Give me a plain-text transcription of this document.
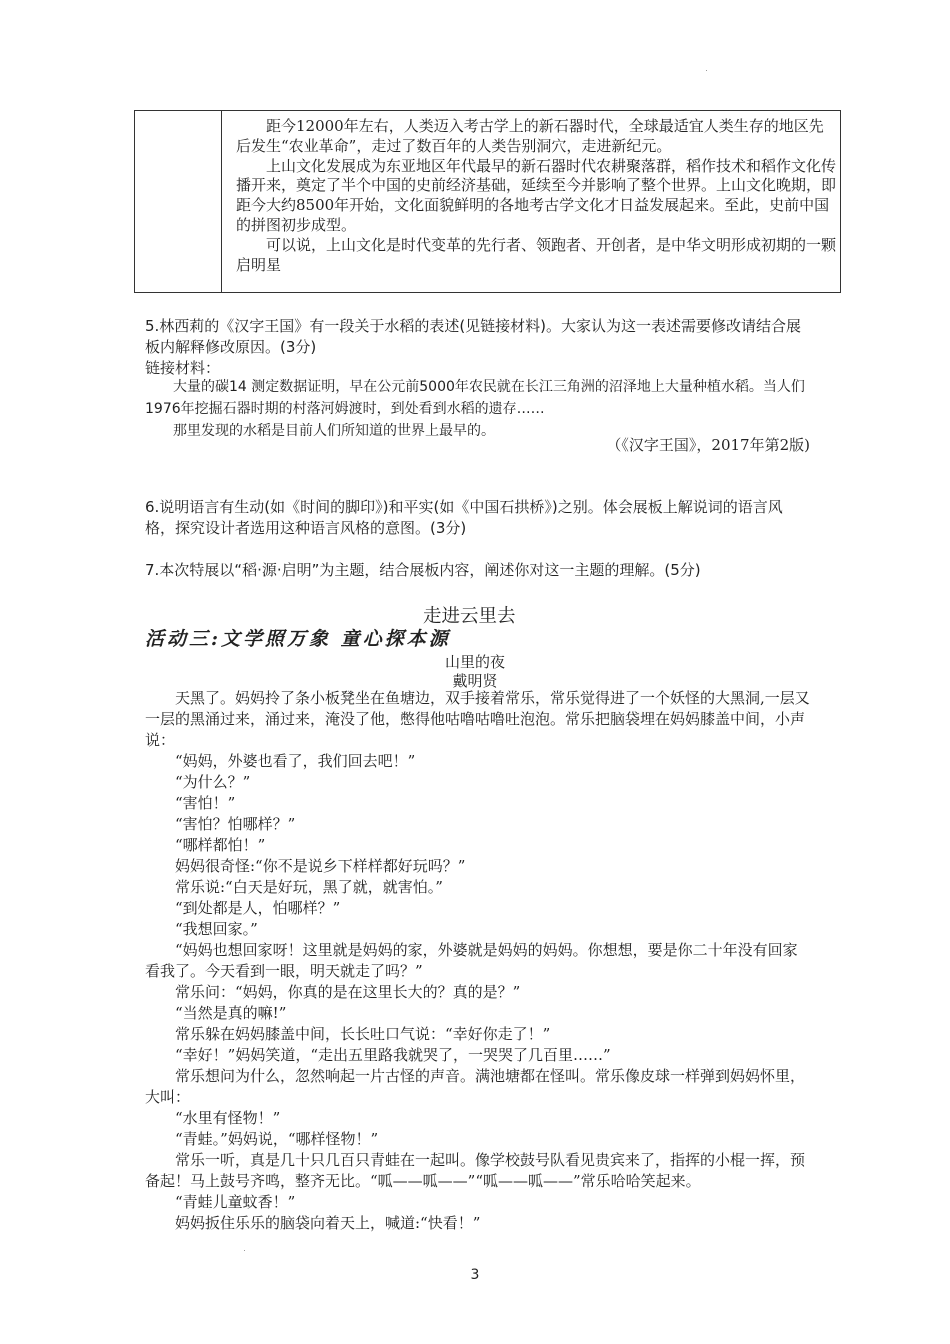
距今12000年左右，人类迈入考古学上的新石器时代，全球最适宜人类生存的地区先后发生“农业革命”，走过了数百年的人类告别洞穴，走进新纪元。

上山文化发展成为东亚地区年代最早的新石器时代农耕聚落群，稻作技术和稻作文化传播开来，奠定了半个中国的史前经济基础，延续至今并影响了整个世界。上山文化晚期，即距今大约8500年开始，文化面貌鲜明的各地考古学文化才日益发展起来。至此，史前中国的拼图初步成型。

可以说，上山文化是时代变革的先行者、领跑者、开创者，是中华文明形成初期的一颗启明星

5.林西莉的《汉字王国》有一段关于水稻的表述(见链接材料)。大家认为这一表述需要修改请结合展板内解释修改原因。(3分)

链接材料：

大量的碳14 测定数据证明，早在公元前5000年农民就在长江三角洲的沼泽地上大量种植水稻。当人们1976年挖掘石器时期的村落河姆渡时，到处看到水稻的遗存……

那里发现的水稻是目前人们所知道的世界上最早的。

（《汉字王国》，2017年第2版)

6.说明语言有生动(如《时间的脚印》)和平实(如《中国石拱桥》)之别。体会展板上解说词的语言风格，探究设计者选用这种语言风格的意图。(3分)

7.本次特展以“稻·源·启明”为主题，结合展板内容，阐述你对这一主题的理解。(5分)

走进云里去
活动三:文学照万象 童心探本源
山里的夜
戴明贤

天黑了。妈妈拎了条小板凳坐在鱼塘边，双手接着常乐，常乐觉得进了一个妖怪的大黑洞,一层又一层的黑涌过来，涌过来，淹没了他，憋得他咕噜咕噜吐泡泡。常乐把脑袋埋在妈妈膝盖中间，小声说：

“妈妈，外婆也看了，我们回去吧！”

“为什么？”

“害怕！”

“害怕？怕哪样？”

“哪样都怕！”

妈妈很奇怪:“你不是说乡下样样都好玩吗？”

常乐说:“白天是好玩，黑了就，就害怕。”

“到处都是人，怕哪样？”

“我想回家。”

“妈妈也想回家呀！这里就是妈妈的家，外婆就是妈妈的妈妈。你想想，要是你二十年没有回家看我了。今天看到一眼，明天就走了吗？”

常乐问：“妈妈，你真的是在这里长大的？真的是？”

“当然是真的嘛!”

常乐躲在妈妈膝盖中间，长长吐口气说：“幸好你走了！”

“幸好！”妈妈笑道，“走出五里路我就哭了，一哭哭了几百里……”

常乐想问为什么，忽然响起一片古怪的声音。满池塘都在怪叫。常乐像皮球一样弹到妈妈怀里，大叫：

“水里有怪物！”

“青蛙。”妈妈说，“哪样怪物！”

常乐一听，真是几十只几百只青蛙在一起叫。像学校鼓号队看见贵宾来了，指挥的小棍一挥，预备起！马上鼓号齐鸣，整齐无比。“呱——呱——”“呱——呱——”常乐哈哈笑起来。

“青蛙儿童蚊香！”

妈妈扳住乐乐的脑袋向着天上，喊道:“快看！”

3
